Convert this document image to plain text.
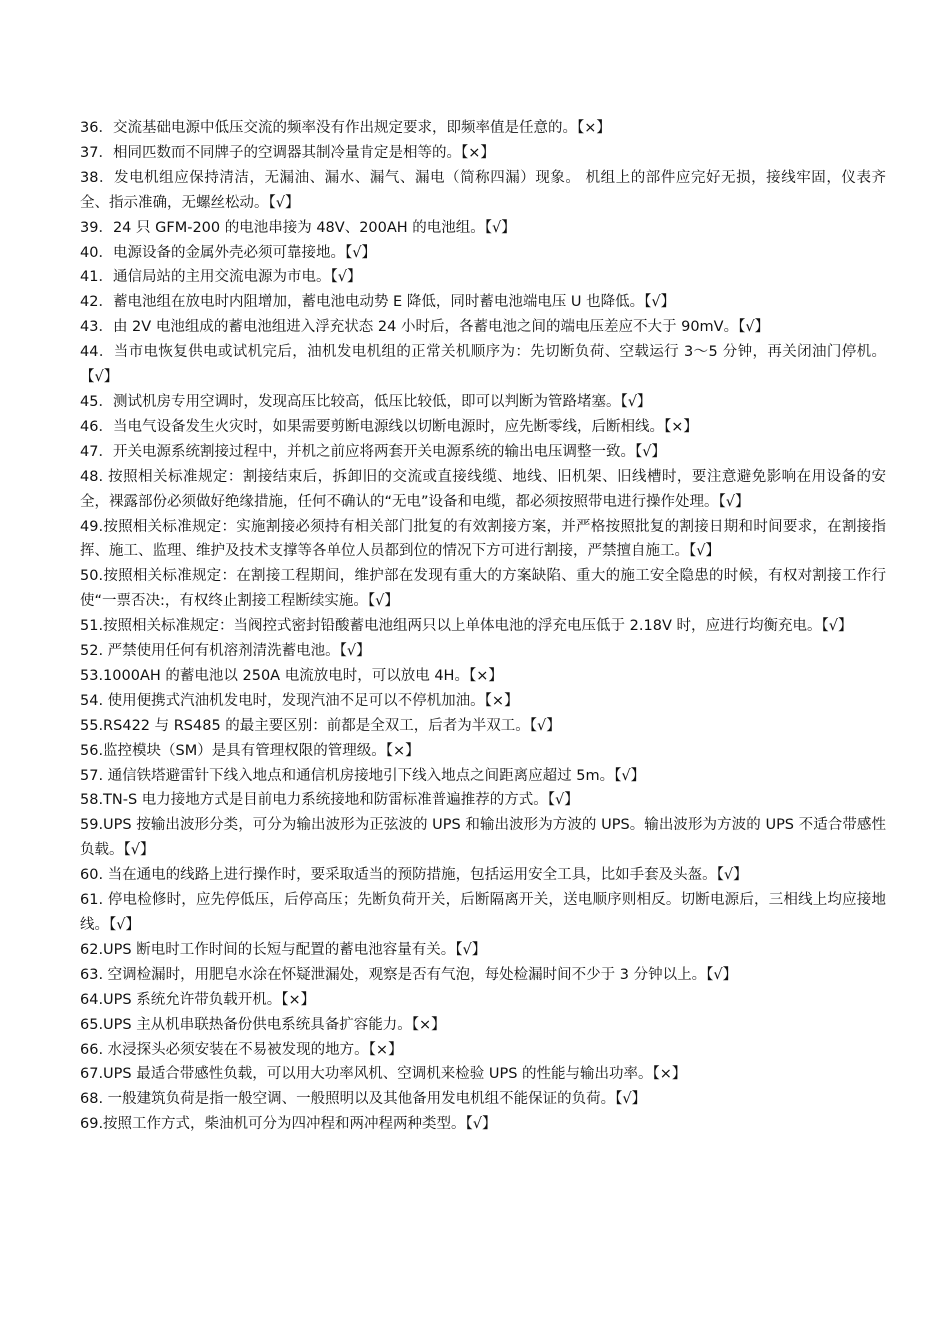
36．交流基础电源中低压交流的频率没有作出规定要求，即频率值是任意的。【×】

37．相同匹数而不同牌子的空调器其制冷量肯定是相等的。【×】

38．发电机组应保持清洁，无漏油、漏水、漏气、漏电（简称四漏）现象。 机组上的部件应完好无损，接线牢固，仪表齐全、指示准确，无螺丝松动。【√】

39．24 只 GFM-200 的电池串接为 48V、200AH 的电池组。【√】

40．电源设备的金属外壳必须可靠接地。【√】

41．通信局站的主用交流电源为市电。【√】

42．蓄电池组在放电时内阻增加，蓄电池电动势 E 降低，同时蓄电池端电压 U 也降低。【√】

43．由 2V 电池组成的蓄电池组进入浮充状态 24 小时后，各蓄电池之间的端电压差应不大于 90mV。【√】

44．当市电恢复供电或试机完后，油机发电机组的正常关机顺序为：先切断负荷、空载运行 3～5 分钟，再关闭油门停机。【√】

45．测试机房专用空调时，发现高压比较高，低压比较低，即可以判断为管路堵塞。【√】

46．当电气设备发生火灾时，如果需要剪断电源线以切断电源时，应先断零线，后断相线。【×】

47．开关电源系统割接过程中，并机之前应将两套开关电源系统的输出电压调整一致。【√】

48. 按照相关标准规定：割接结束后，拆卸旧的交流或直接线缆、地线、旧机架、旧线槽时，要注意避免影响在用设备的安全，裸露部份必须做好绝缘措施，任何不确认的“无电”设备和电缆，都必须按照带电进行操作处理。【√】

49.按照相关标准规定：实施割接必须持有相关部门批复的有效割接方案，并严格按照批复的割接日期和时间要求，在割接指挥、施工、监理、维护及技术支撑等各单位人员都到位的情况下方可进行割接，严禁擅自施工。【√】

50.按照相关标准规定：在割接工程期间，维护部在发现有重大的方案缺陷、重大的施工安全隐患的时候，有权对割接工作行使“一票否决:，有权终止割接工程断续实施。【√】

51.按照相关标准规定：当阀控式密封铅酸蓄电池组两只以上单体电池的浮充电压低于 2.18V 时，应进行均衡充电。【√】

52. 严禁使用任何有机溶剂清洗蓄电池。【√】

53.1000AH 的蓄电池以 250A 电流放电时，可以放电 4H。【×】

54. 使用便携式汽油机发电时，发现汽油不足可以不停机加油。【×】

55.RS422 与 RS485 的最主要区别：前都是全双工，后者为半双工。【√】

56.监控模块（SM）是具有管理权限的管理级。【×】

57. 通信铁塔避雷针下线入地点和通信机房接地引下线入地点之间距离应超过 5m。【√】

58.TN-S 电力接地方式是目前电力系统接地和防雷标准普遍推荐的方式。【√】

59.UPS 按输出波形分类，可分为输出波形为正弦波的 UPS 和输出波形为方波的 UPS。输出波形为方波的 UPS 不适合带感性负载。【√】

60. 当在通电的线路上进行操作时，要采取适当的预防措施，包括运用安全工具，比如手套及头盔。【√】

61. 停电检修时，应先停低压，后停高压；先断负荷开关，后断隔离开关，送电顺序则相反。切断电源后，三相线上均应接地线。【√】

62.UPS 断电时工作时间的长短与配置的蓄电池容量有关。【√】

63. 空调检漏时，用肥皂水涂在怀疑泄漏处，观察是否有气泡，每处检漏时间不少于 3 分钟以上。【√】

64.UPS 系统允许带负载开机。【×】

65.UPS 主从机串联热备份供电系统具备扩容能力。【×】

66. 水浸探头必须安装在不易被发现的地方。【×】

67.UPS 最适合带感性负载，可以用大功率风机、空调机来检验 UPS 的性能与输出功率。【×】

68. 一般建筑负荷是指一般空调、一般照明以及其他备用发电机组不能保证的负荷。【√】

69.按照工作方式，柴油机可分为四冲程和两冲程两种类型。【√】
